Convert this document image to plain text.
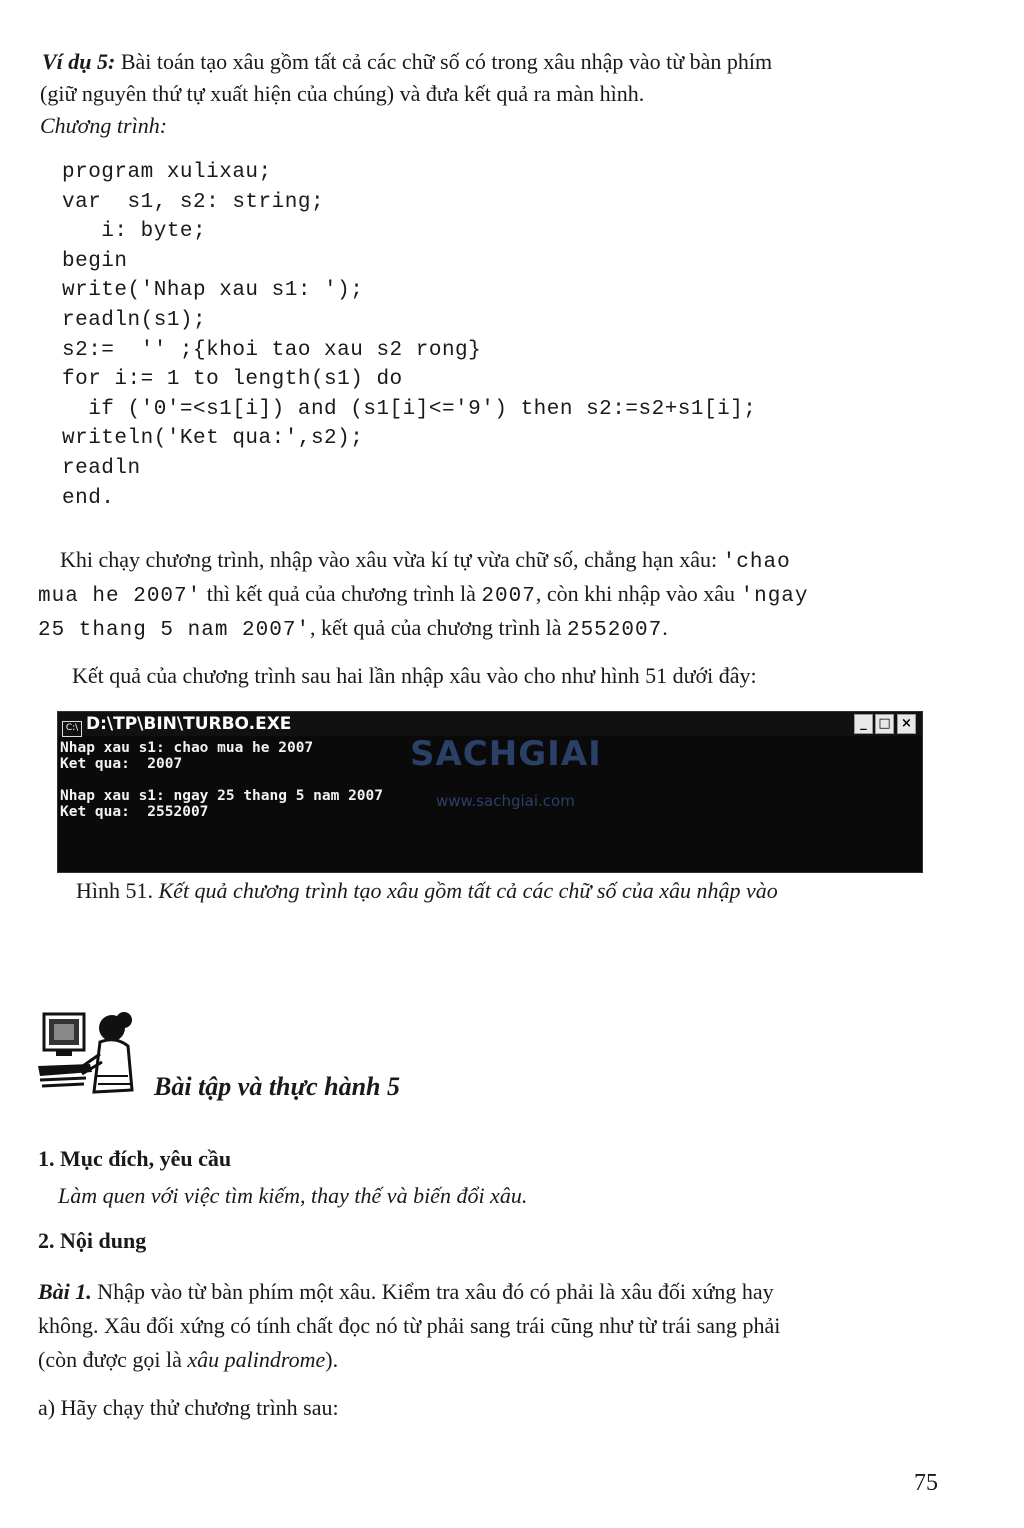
Ví dụ 5: Bài toán tạo xâu gồm tất cả các chữ số có trong xâu nhập vào từ bàn phím
(giữ nguyên thứ tự xuất hiện của chúng) và đưa kết quả ra màn hình.
Chương trình:
program xulixau;
var  s1, s2: string;
i: byte;
begin
write('Nhap xau s1: ');
readln(s1);
s2:=  '' ;{khoi tao xau s2 rong}
for i:= 1 to length(s1) do
if ('0'=<s1[i]) and (s1[i]<='9') then s2:=s2+s1[i];
writeln('Ket qua:',s2);
readln
end.
Khi chạy chương trình, nhập vào xâu vừa kí tự vừa chữ số, chẳng hạn xâu: 'chao
mua he 2007' thì kết quả của chương trình là 2007, còn khi nhập vào xâu 'ngay
25 thang 5 nam 2007', kết quả của chương trình là 2552007.
Kết quả của chương trình sau hai lần nhập xâu vào cho như hình 51 dưới đây:
C:\ D:\TP\BIN\TURBO.EXE	_ □ ×
Nhap xau s1: chao mua he 2007
Ket qua:  2007
Nhap xau s1: ngay 25 thang 5 nam 2007
Ket qua:  2552007
SACHGIAI
www.sachgiai.com
Hình 51. Kết quả chương trình tạo xâu gồm tất cả các chữ số của xâu nhập vào
Bài tập và thực hành 5
1. Mục đích, yêu cầu
Làm quen với việc tìm kiếm, thay thế và biến đổi xâu.
2. Nội dung
Bài 1. Nhập vào từ bàn phím một xâu. Kiểm tra xâu đó có phải là xâu đối xứng hay
không. Xâu đối xứng có tính chất đọc nó từ phải sang trái cũng như từ trái sang phải
(còn được gọi là xâu palindrome).
a) Hãy chạy thử chương trình sau:
75
